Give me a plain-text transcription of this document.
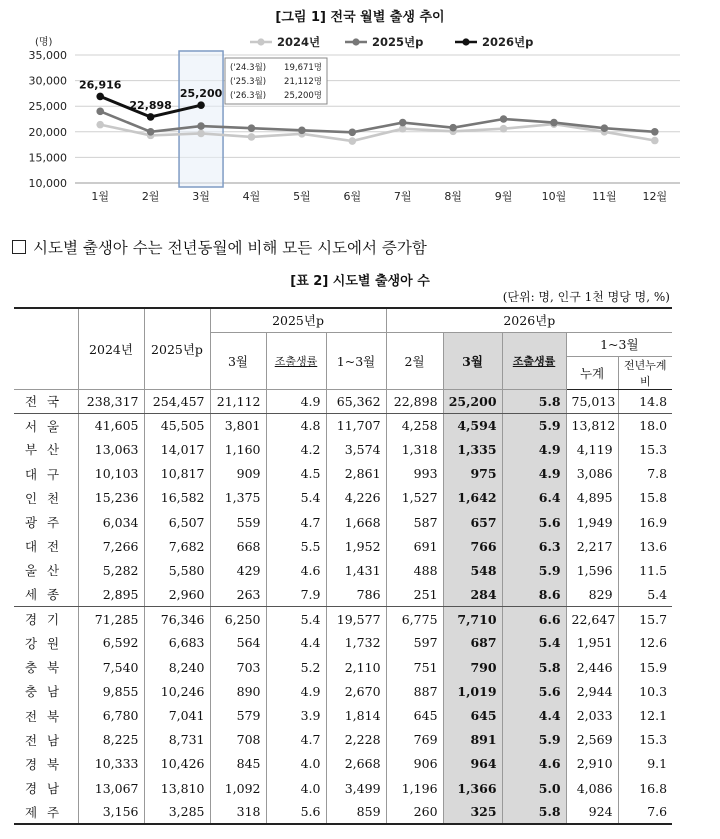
[그림 1] 전국 월별 출생 추이
10,000
15,000
20,000
25,000
30,000
35,000
(명)
1월	2월	3월	4월	5월	6월	7월	8월	9월	10월 11월 12월
26,916
22,898
25,200
('24.3월) 19,671명
('25.3월) 21,112명
('26.3월) 25,200명
2024년	2025년p	2026년p
시도별 출생아 수는 전년동월에 비해 모든 시도에서 증가함
[표 2] 시도별 출생아 수
(단위: 명, 인구 1천 명당 명, %)
	2024년	2025년p	2025년p			2026년p				
			3월	조출생률	1~3월	2월	3월	조출생률	1~3월	
									누계	전년누계비
전 국	238,317	254,457	21,112	4.9	65,362	22,898	25,200	5.8	75,013	14.8
서 울	41,605	45,505	3,801	4.8	11,707	4,258	4,594	5.9	13,812	18.0
부 산	13,063	14,017	1,160	4.2	3,574	1,318	1,335	4.9	4,119	15.3
대 구	10,103	10,817	909	4.5	2,861	993	975	4.9	3,086	7.8
인 천	15,236	16,582	1,375	5.4	4,226	1,527	1,642	6.4	4,895	15.8
광 주	6,034	6,507	559	4.7	1,668	587	657	5.6	1,949	16.9
대 전	7,266	7,682	668	5.5	1,952	691	766	6.3	2,217	13.6
울 산	5,282	5,580	429	4.6	1,431	488	548	5.9	1,596	11.5
세 종	2,895	2,960	263	7.9	786	251	284	8.6	829	5.4
경 기	71,285	76,346	6,250	5.4	19,577	6,775	7,710	6.6	22,647	15.7
강 원	6,592	6,683	564	4.4	1,732	597	687	5.4	1,951	12.6
충 북	7,540	8,240	703	5.2	2,110	751	790	5.8	2,446	15.9
충 남	9,855	10,246	890	4.9	2,670	887	1,019	5.6	2,944	10.3
전 북	6,780	7,041	579	3.9	1,814	645	645	4.4	2,033	12.1
전 남	8,225	8,731	708	4.7	2,228	769	891	5.9	2,569	15.3
경 북	10,333	10,426	845	4.0	2,668	906	964	4.6	2,910	9.1
경 남	13,067	13,810	1,092	4.0	3,499	1,196	1,366	5.0	4,086	16.8
제 주	3,156	3,285	318	5.6	859	260	325	5.8	924	7.6
